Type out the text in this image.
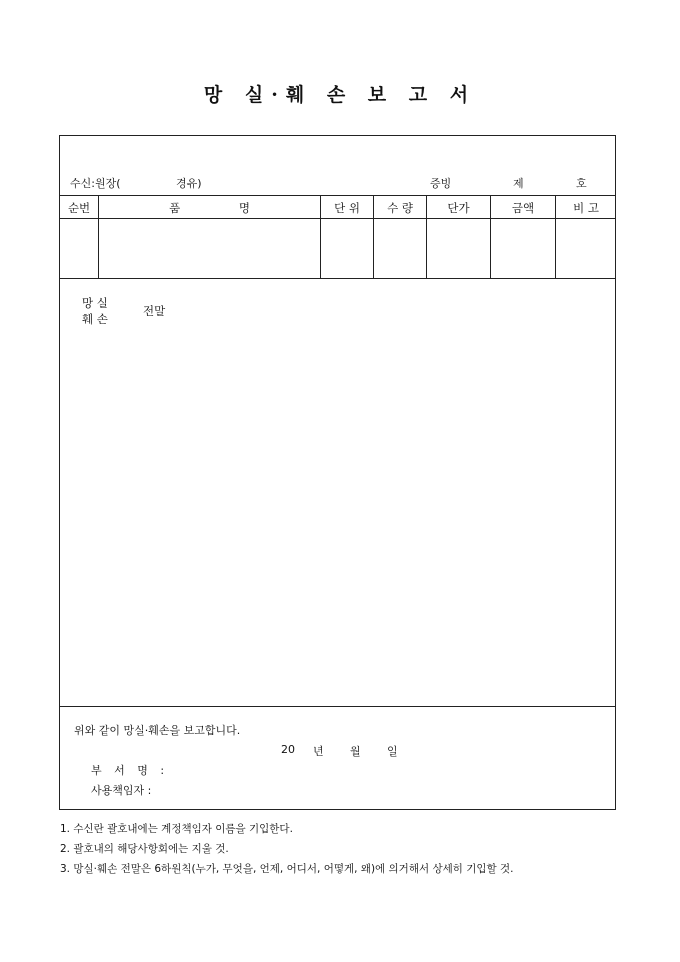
망 실·훼 손 보 고 서
수신:원장(	경유)	증빙	제	호
순번	품 명	단 위	수 량	단가	금액	비 고
망 실
훼 손
전말
위와 같이 망실·훼손을 보고합니다.
20 년 월 일
부 서 명 :
사용책임자 :
1. 수신란 괄호내에는 계정책임자 이름을 기입한다.
2. 괄호내의 해당사항회에는 지울 것.
3. 망실·훼손 전말은 6하원칙(누가, 무엇을, 언제, 어디서, 어떻게, 왜)에 의거해서 상세히 기입할 것.
